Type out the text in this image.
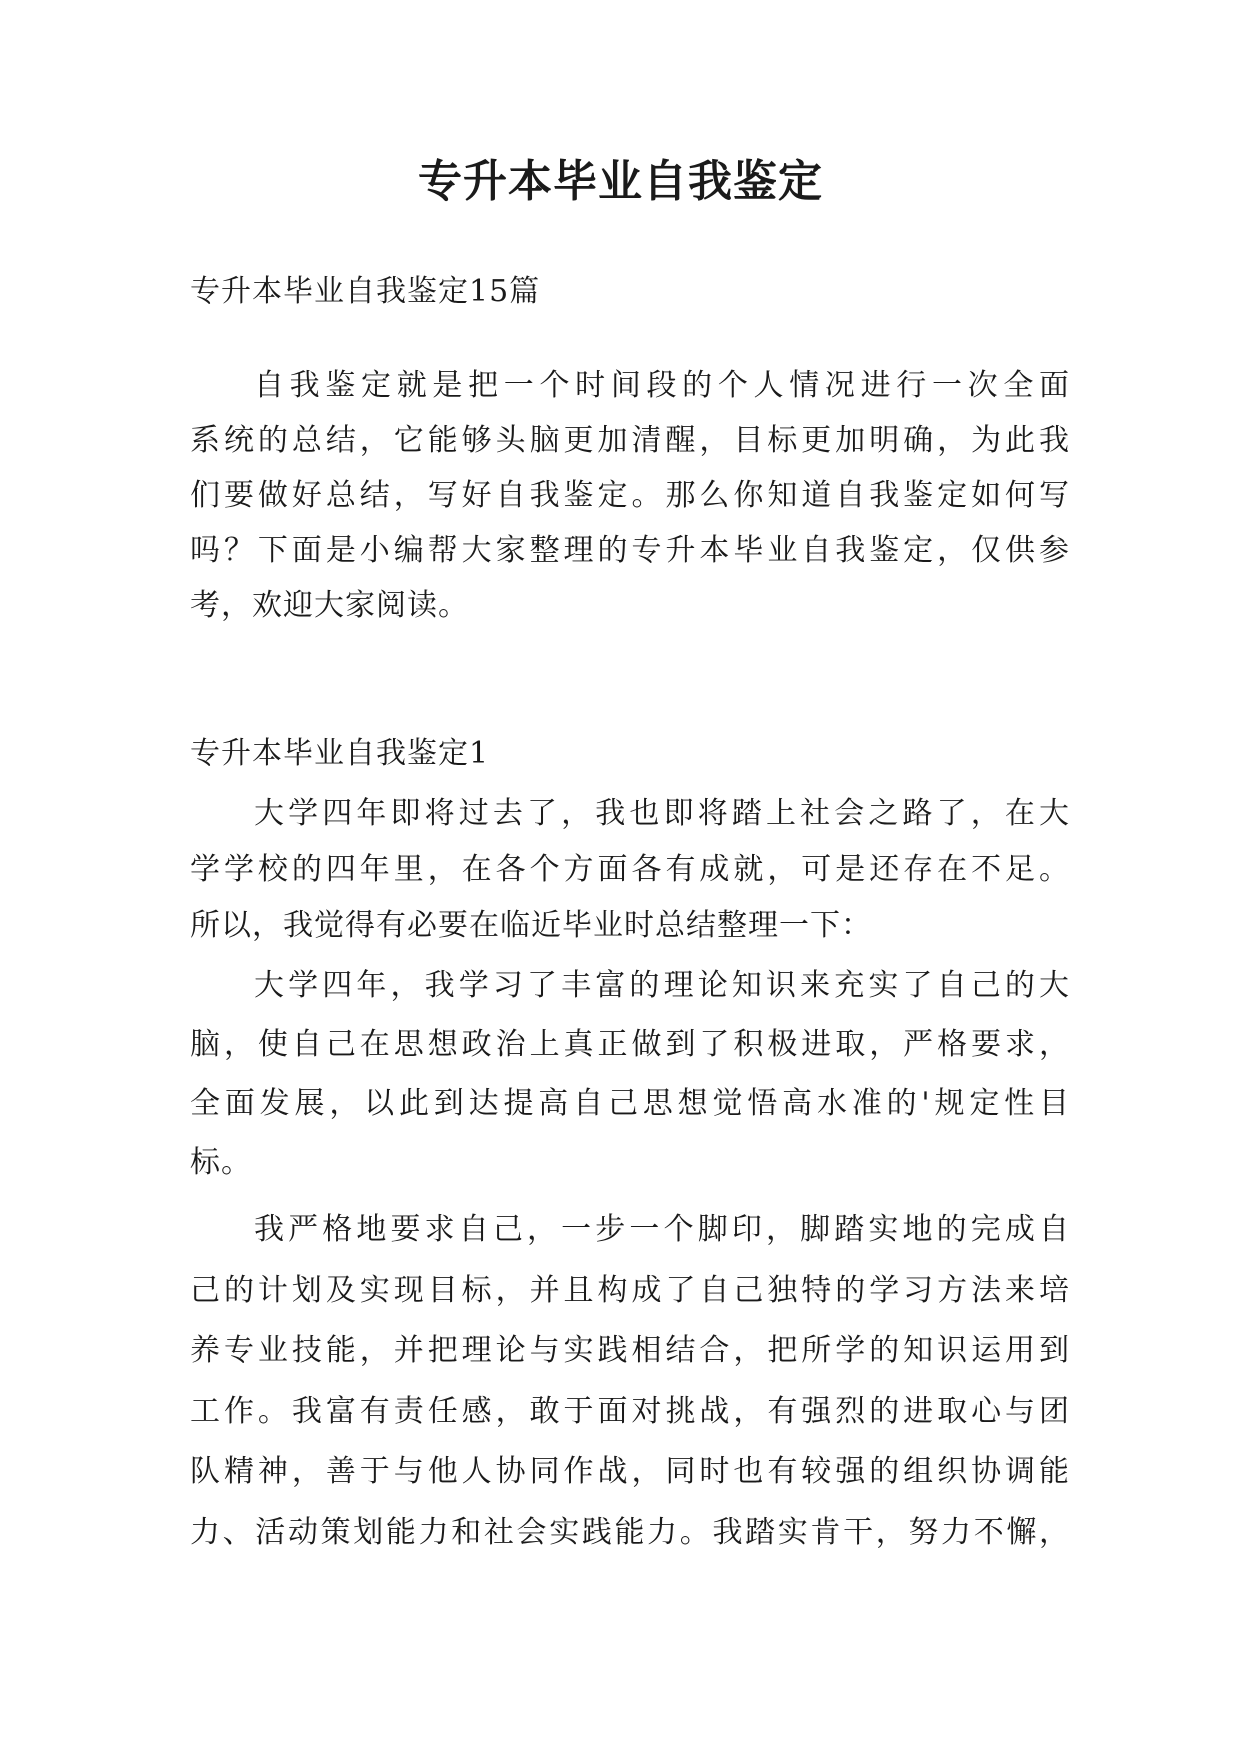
专升本毕业自我鉴定
专升本毕业自我鉴定15篇
自我鉴定就是把一个时间段的个人情况进行一次全面
系统的总结，它能够头脑更加清醒，目标更加明确，为此我
们要做好总结，写好自我鉴定。那么你知道自我鉴定如何写
吗？下面是小编帮大家整理的专升本毕业自我鉴定，仅供参
考，欢迎大家阅读。
专升本毕业自我鉴定1
大学四年即将过去了，我也即将踏上社会之路了，在大
学学校的四年里，在各个方面各有成就，可是还存在不足。
所以，我觉得有必要在临近毕业时总结整理一下：
大学四年，我学习了丰富的理论知识来充实了自己的大
脑，使自己在思想政治上真正做到了积极进取，严格要求，
全面发展，以此到达提高自己思想觉悟高水准的'规定性目
标。
我严格地要求自己，一步一个脚印，脚踏实地的完成自
己的计划及实现目标，并且构成了自己独特的学习方法来培
养专业技能，并把理论与实践相结合，把所学的知识运用到
工作。我富有责任感，敢于面对挑战，有强烈的进取心与团
队精神，善于与他人协同作战，同时也有较强的组织协调能
力、活动策划能力和社会实践能力。我踏实肯干，努力不懈，
